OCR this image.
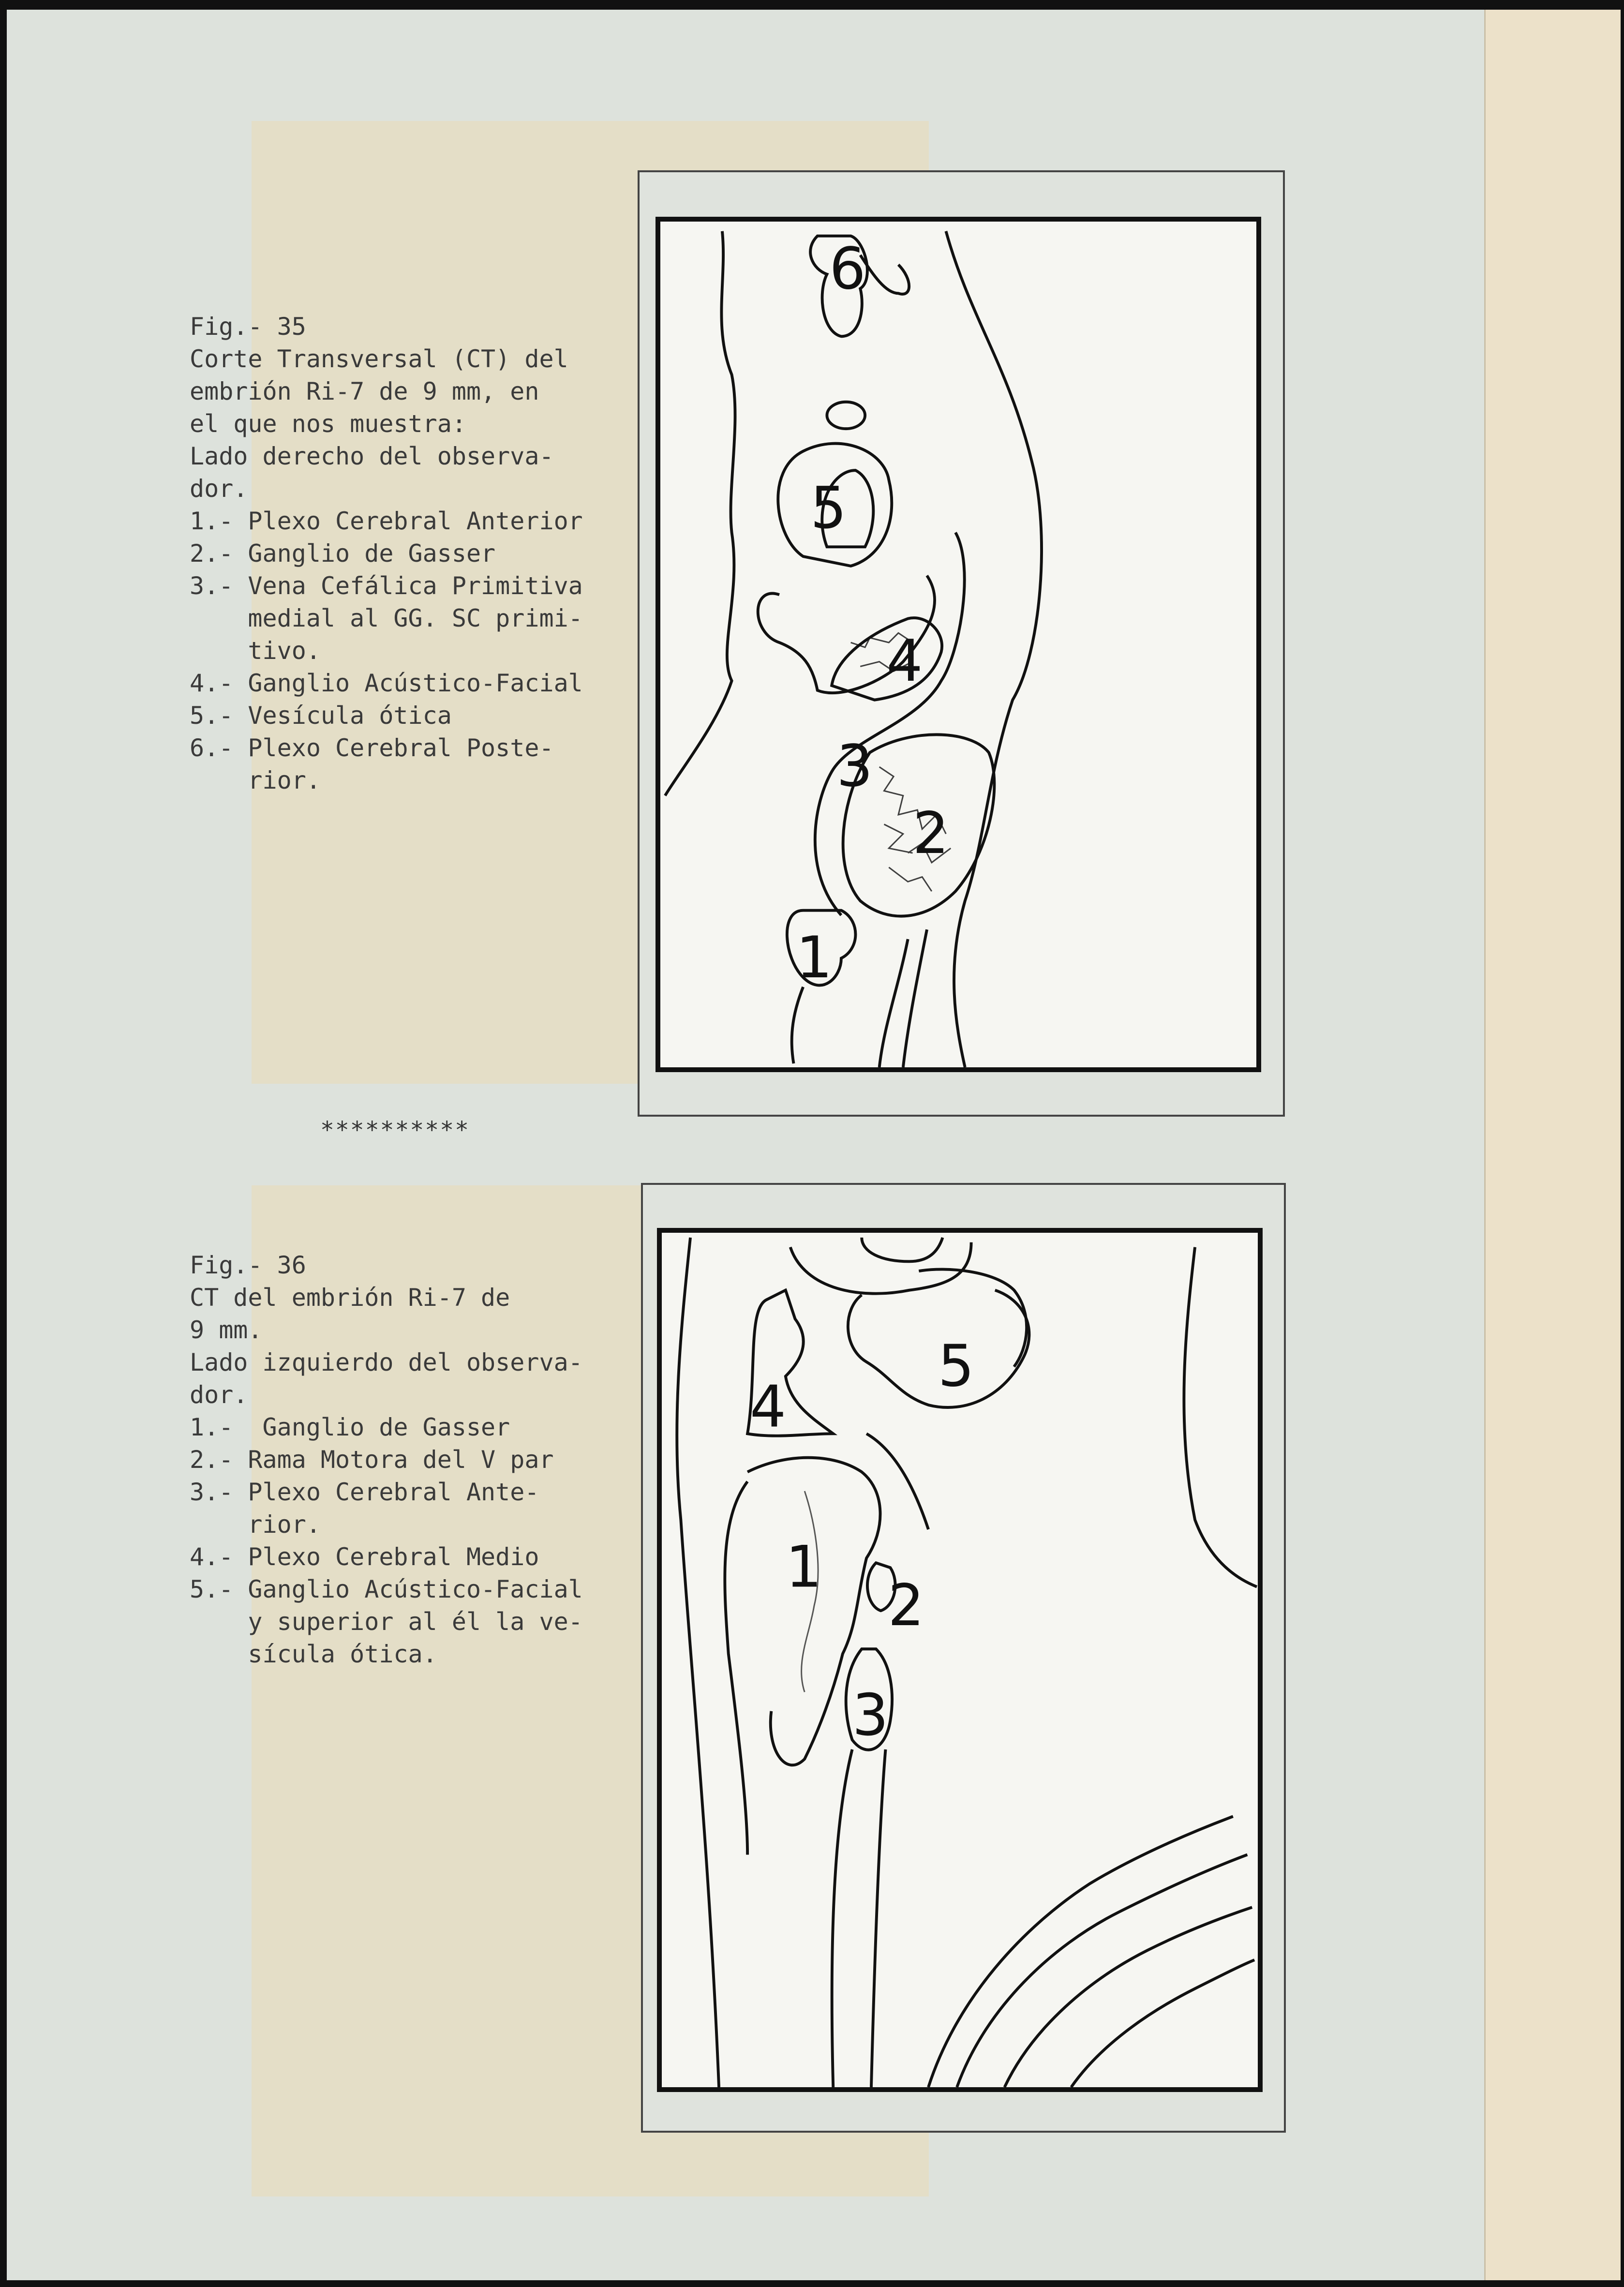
Fig.- 35
Corte Transversal (CT) del
embrión Ri-7 de 9 mm, en
el que nos muestra:
Lado derecho del observa-
dor.
1.- Plexo Cerebral Anterior
2.- Ganglio de Gasser
3.- Vena Cefálica Primitiva
medial al GG. SC primi-
tivo.
4.- Ganglio Acústico-Facial
5.- Vesícula ótica
6.- Plexo Cerebral Poste-
rior.
6
5
4
3
2
1
**********
Fig.- 36
CT del embrión Ri-7 de
9 mm.
Lado izquierdo del observa-
dor.
1.-  Ganglio de Gasser
2.- Rama Motora del V par
3.- Plexo Cerebral Ante-
rior.
4.- Plexo Cerebral Medio
5.- Ganglio Acústico-Facial
y superior al él la ve-
sícula ótica.
4
5
1
2
3
